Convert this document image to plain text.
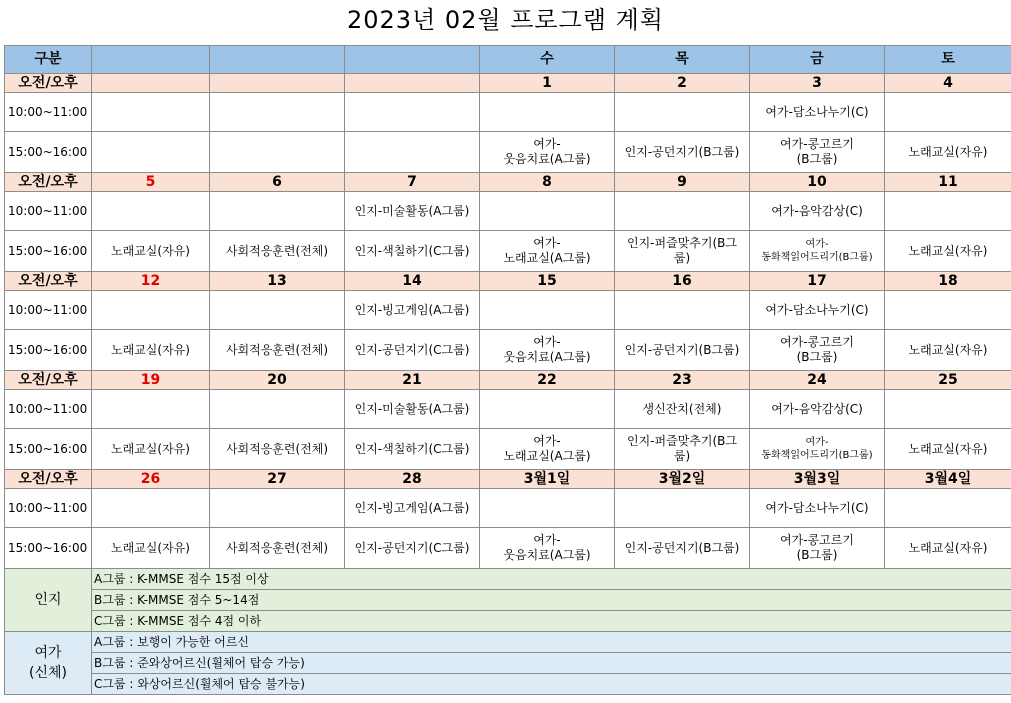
2023년 02월 프로그램 계획
구분				수	목	금	토
오전/오후				1	2	3	4
10:00~11:00						여가-담소나누기(C)	
15:00~16:00				여가-
웃음치료(A그룹)	인지-공던지기(B그룹)	여가-콩고르기
(B그룹)	노래교실(자유)
오전/오후	5	6	7	8	9	10	11
10:00~11:00			인지-미술활동(A그룹)			여가-음악감상(C)	
15:00~16:00	노래교실(자유)	사회적응훈련(전체)	인지-색칠하기(C그룹)	여가-
노래교실(A그룹)	인지-퍼즐맞추기(B그
룹)	여가-
동화책읽어드리기(B그룹)	노래교실(자유)
오전/오후	12	13	14	15	16	17	18
10:00~11:00			인지-빙고게임(A그룹)			여가-담소나누기(C)	
15:00~16:00	노래교실(자유)	사회적응훈련(전체)	인지-공던지기(C그룹)	여가-
웃음치료(A그룹)	인지-공던지기(B그룹)	여가-콩고르기
(B그룹)	노래교실(자유)
오전/오후	19	20	21	22	23	24	25
10:00~11:00			인지-미술활동(A그룹)		생신잔치(전체)	여가-음악감상(C)	
15:00~16:00	노래교실(자유)	사회적응훈련(전체)	인지-색칠하기(C그룹)	여가-
노래교실(A그룹)	인지-퍼즐맞추기(B그
룹)	여가-
동화책읽어드리기(B그룹)	노래교실(자유)
오전/오후	26	27	28	3월1일	3월2일	3월3일	3월4일
10:00~11:00			인지-빙고게임(A그룹)			여가-담소나누기(C)	
15:00~16:00	노래교실(자유)	사회적응훈련(전체)	인지-공던지기(C그룹)	여가-
웃음치료(A그룹)	인지-공던지기(B그룹)	여가-콩고르기
(B그룹)	노래교실(자유)
인지	A그룹 : K-MMSE 점수 15점 이상						
	B그룹 : K-MMSE 점수 5~14점						
	C그룹 : K-MMSE 점수 4점 이하						
여가
(신체)	A그룹 : 보행이 가능한 어르신						
	B그룹 : 준와상어르신(휠체어 탑승 가능)						
	C그룹 : 와상어르신(휠체어 탑승 불가능)						
